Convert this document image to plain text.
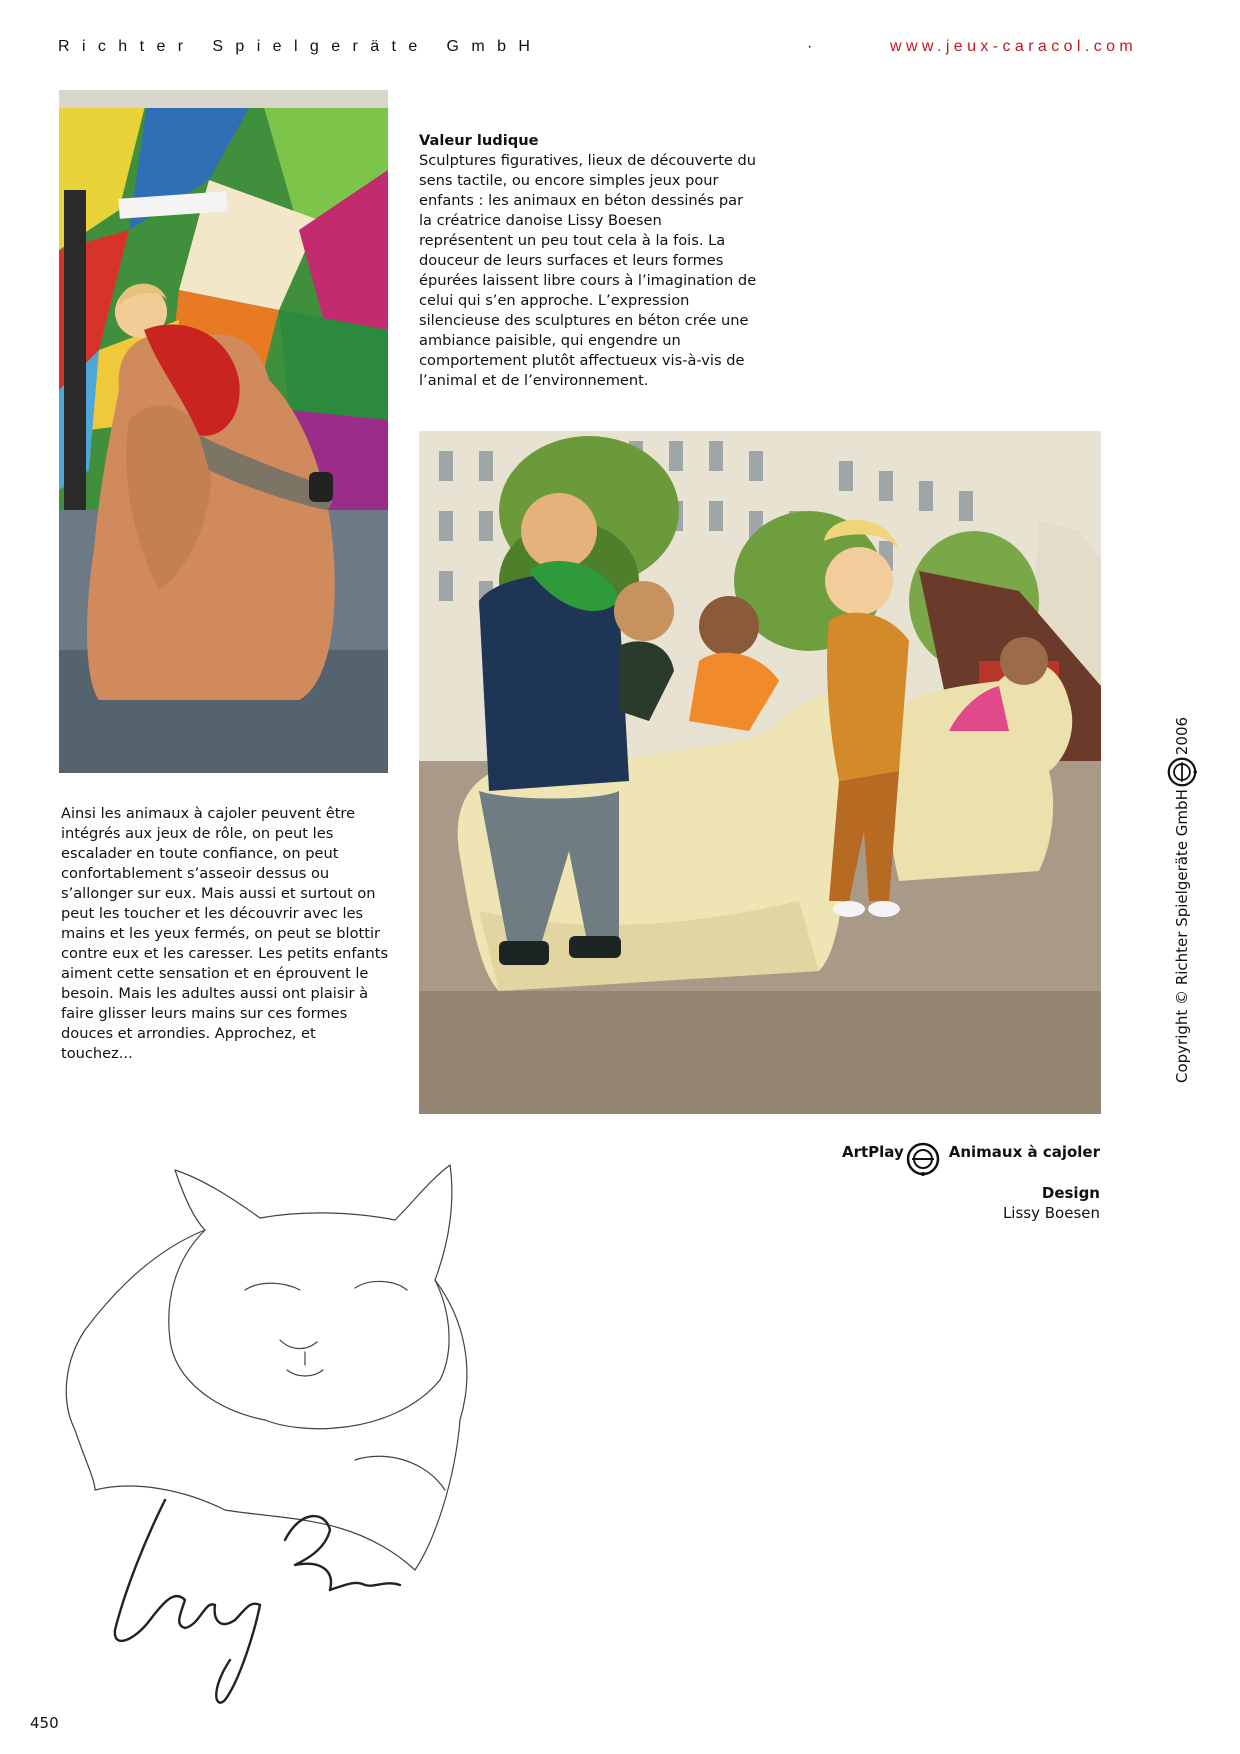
Richter Spielgeräte GmbH	·	www.jeux-caracol.com
Valeur ludique
Sculptures figuratives, lieux de découverte du sens tactile, ou encore simples jeux pour enfants : les animaux en béton dessinés par la créatrice danoise Lissy Boesen représentent un peu tout cela à la fois. La douceur de leurs surfaces et leurs formes épurées laissent libre cours à l’imagination de celui qui s’en approche. L’expression silencieuse des sculptures en béton crée une ambiance paisible, qui engendre un comportement plutôt affectueux vis-à-vis de l’animal et de l’environnement.
Ainsi les animaux à cajoler peuvent être intégrés aux jeux de rôle, on peut les escalader en toute confiance, on peut confortablement s’asseoir dessus ou s’allonger sur eux. Mais aussi et surtout on peut les toucher et les découvrir avec les mains et les yeux fermés, on peut se blottir contre eux et les caresser. Les petits enfants aiment cette sensation et en éprouvent le besoin. Mais les adultes aussi ont plaisir à faire glisser leurs mains sur ces formes douces et arrondies. Approchez, et touchez...
ArtPlay	Animaux à cajoler
Design
Lissy Boesen
Copyright © Richter Spielgeräte GmbH
2006
450
